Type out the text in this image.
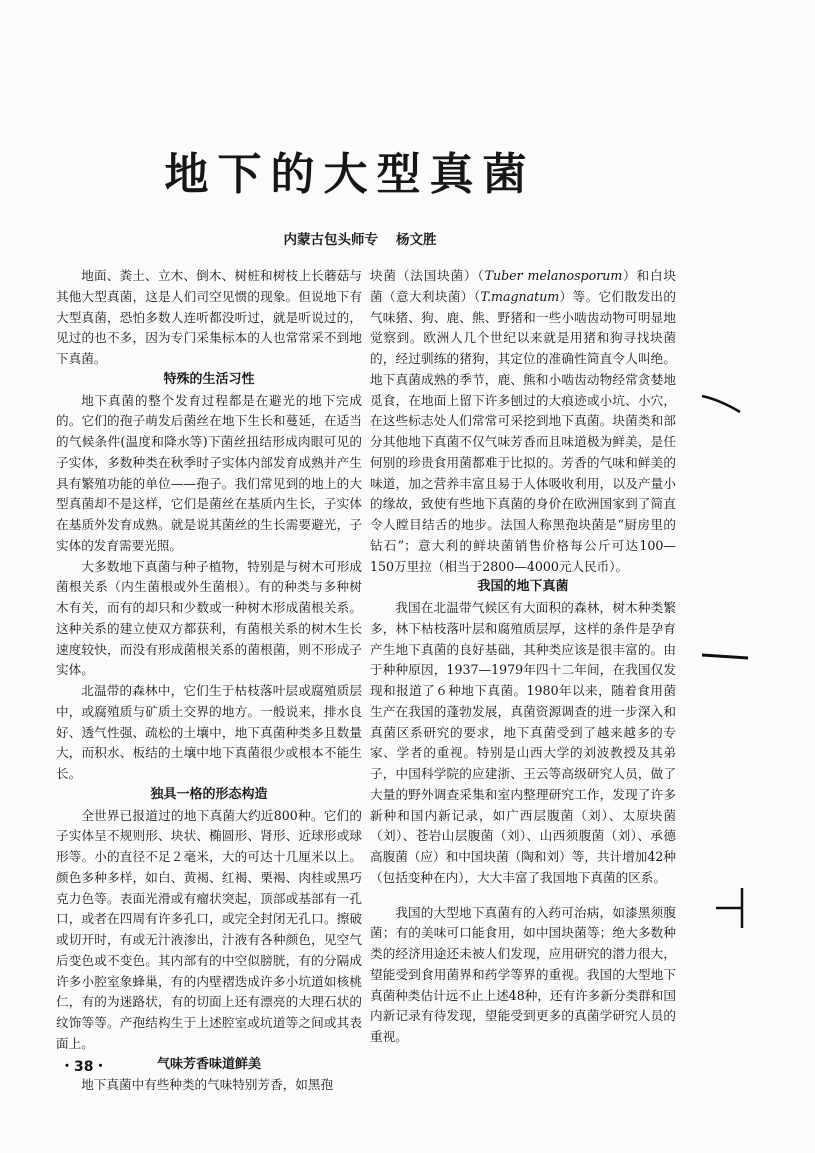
地下的大型真菌

内蒙古包头师专 杨文胜

地面、粪土、立木、倒木、树桩和树枝上长蘑菇与其他大型真菌，这是人们司空见惯的现象。但说地下有大型真菌，恐怕多数人连听都没听过，就是听说过的，见过的也不多，因为专门采集标本的人也常常采不到地下真菌。

特殊的生活习性

地下真菌的整个发育过程都是在避光的地下完成的。它们的孢子萌发后菌丝在地下生长和蔓延，在适当的气候条件(温度和降水等)下菌丝扭结形成肉眼可见的子实体，多数种类在秋季时子实体内部发育成熟并产生具有繁殖功能的单位——孢子。我们常见到的地上的大型真菌却不是这样，它们是菌丝在基质内生长，子实体在基质外发育成熟。就是说其菌丝的生长需要避光，子实体的发育需要光照。

大多数地下真菌与种子植物，特别是与树木可形成菌根关系（内生菌根或外生菌根）。有的种类与多种树木有关，而有的却只和少数或一种树木形成菌根关系。这种关系的建立使双方都获利，有菌根关系的树木生长速度较快，而没有形成菌根关系的菌根菌，则不形成子实体。

北温带的森林中，它们生于枯枝落叶层或腐殖质层中，或腐殖质与矿质土交界的地方。一般说来，排水良好、透气性强、疏松的土壤中，地下真菌种类多且数量大，而积水、板结的土壤中地下真菌很少或根本不能生长。

独具一格的形态构造

全世界已报道过的地下真菌大约近800种。它们的子实体呈不规则形、块状、椭圆形、肾形、近球形或球形等。小的直径不足２毫米，大的可达十几厘米以上。颜色多种多样，如白、黄褐、红褐、栗褐、肉桂或黑巧克力色等。表面光滑或有瘤状突起，顶部或基部有一孔口，或者在四周有许多孔口，或完全封闭无孔口。擦破或切开时，有或无汁液渗出，汁液有各种颜色，见空气后变色或不变色。其内部有的中空似膀胱，有的分隔成许多小腔室象蜂巢，有的内壁褶迭成许多小坑道如核桃仁，有的为迷路状，有的切面上还有漂亮的大理石状的纹饰等等。产孢结构生于上述腔室或坑道等之间或其表面上。

气味芳香味道鲜美

地下真菌中有些种类的气味特别芳香，如黑孢

块菌（法国块菌）（Tuber melanosporum）和白块菌（意大利块菌）（T.magnatum）等。它们散发出的气味猪、狗、鹿、熊、野猪和一些小啮齿动物可明显地觉察到。欧洲人几个世纪以来就是用猪和狗寻找块菌的，经过驯练的猪狗，其定位的准确性简直令人叫绝。地下真菌成熟的季节，鹿、熊和小啮齿动物经常贪婪地觅食，在地面上留下许多刨过的大痕迹或小坑、小穴，在这些标志处人们常常可采挖到地下真菌。块菌类和部分其他地下真菌不仅气味芳香而且味道极为鲜美，是任何别的珍贵食用菌都难于比拟的。芳香的气味和鲜美的味道，加之营养丰富且易于人体吸收利用，以及产量小的缘故，致使有些地下真菌的身价在欧洲国家到了简直令人瞠目结舌的地步。法国人称黑孢块菌是“厨房里的钻石”；意大利的鲜块菌销售价格每公斤可达100—150万里拉（相当于2800—4000元人民币）。

我国的地下真菌

我国在北温带气候区有大面积的森林，树木种类繁多，林下枯枝落叶层和腐殖质层厚，这样的条件是孕育产生地下真菌的良好基础，其种类应该是很丰富的。由于种种原因，1937—1979年四十二年间，在我国仅发现和报道了６种地下真菌。1980年以来，随着食用菌生产在我国的蓬勃发展，真菌资源调查的进一步深入和真菌区系研究的要求，地下真菌受到了越来越多的专家、学者的重视。特别是山西大学的刘波教授及其弟子，中国科学院的应建浙、王云等高级研究人员，做了大量的野外调查采集和室内整理研究工作，发现了许多新种和国内新记录，如广西层腹菌（刘）、太原块菌（刘）、苍岩山层腹菌（刘）、山西须腹菌（刘）、承德高腹菌（应）和中国块菌（陶和刘）等，共计增加42种（包括变种在内），大大丰富了我国地下真菌的区系。

我国的大型地下真菌有的入药可治病，如漆黑须腹菌；有的美味可口能食用，如中国块菌等；绝大多数种类的经济用途还未被人们发现，应用研究的潜力很大，望能受到食用菌界和药学等界的重视。我国的大型地下真菌种类估计远不止上述48种，还有许多新分类群和国内新记录有待发现，望能受到更多的真菌学研究人员的重视。

・38・
